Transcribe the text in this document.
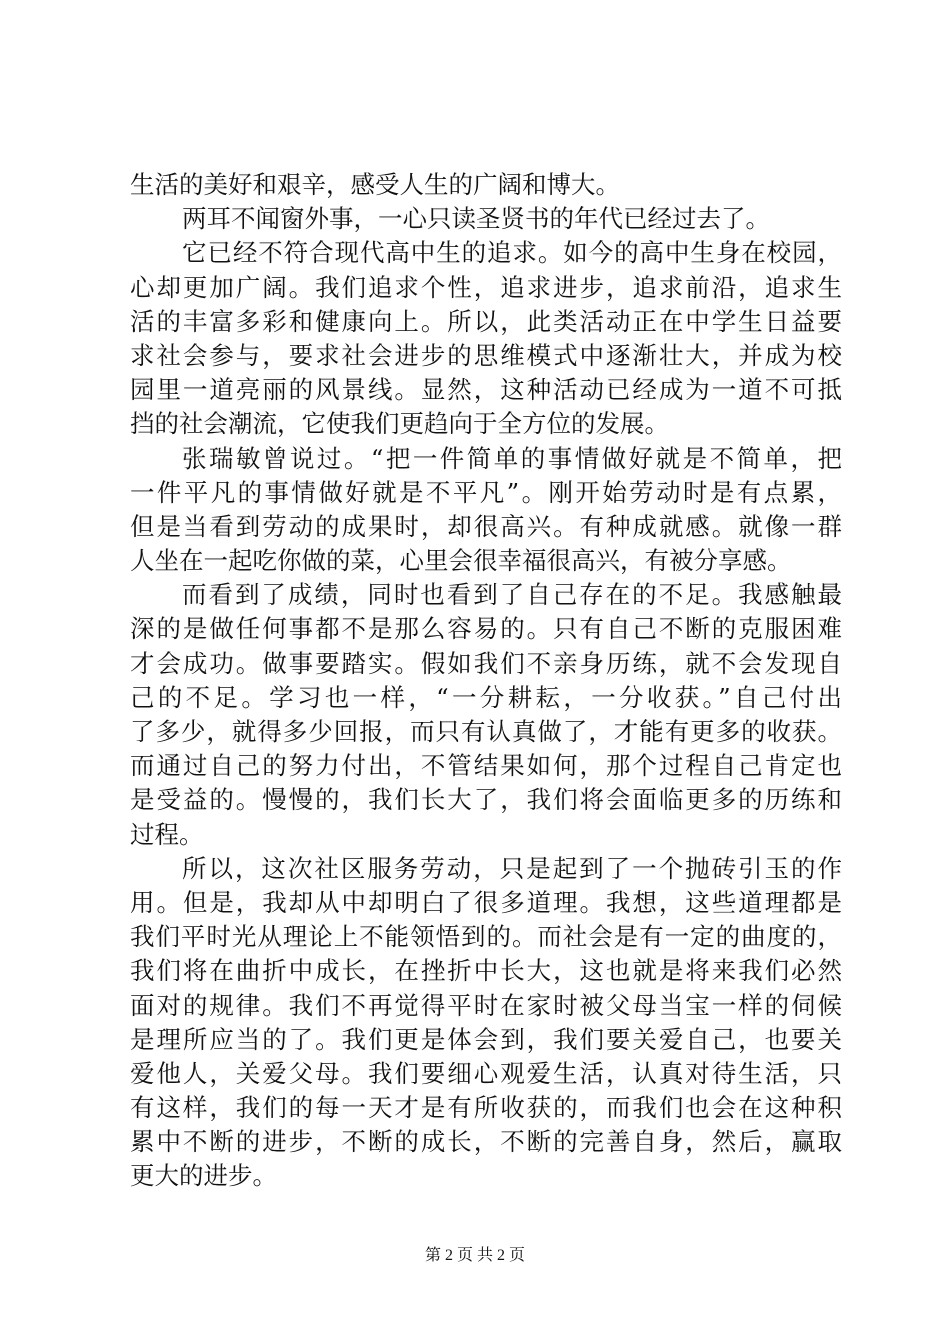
生活的美好和艰辛，感受人生的广阔和博大。
两耳不闻窗外事，一心只读圣贤书的年代已经过去了。
它已经不符合现代高中生的追求。如今的高中生身在校园，
心却更加广阔。我们追求个性，追求进步，追求前沿，追求生
活的丰富多彩和健康向上。所以，此类活动正在中学生日益要
求社会参与，要求社会进步的思维模式中逐渐壮大，并成为校
园里一道亮丽的风景线。显然，这种活动已经成为一道不可抵
挡的社会潮流，它使我们更趋向于全方位的发展。
张瑞敏曾说过。“把一件简单的事情做好就是不简单，把
一件平凡的事情做好就是不平凡”。刚开始劳动时是有点累，
但是当看到劳动的成果时，却很高兴。有种成就感。就像一群
人坐在一起吃你做的菜，心里会很幸福很高兴，有被分享感。
而看到了成绩，同时也看到了自己存在的不足。我感触最
深的是做任何事都不是那么容易的。只有自己不断的克服困难
才会成功。做事要踏实。假如我们不亲身历练，就不会发现自
己的不足。学习也一样，“一分耕耘，一分收获。”自己付出
了多少，就得多少回报，而只有认真做了，才能有更多的收获。
而通过自己的努力付出，不管结果如何，那个过程自己肯定也
是受益的。慢慢的，我们长大了，我们将会面临更多的历练和
过程。
所以，这次社区服务劳动，只是起到了一个抛砖引玉的作
用。但是，我却从中却明白了很多道理。我想，这些道理都是
我们平时光从理论上不能领悟到的。而社会是有一定的曲度的，
我们将在曲折中成长，在挫折中长大，这也就是将来我们必然
面对的规律。我们不再觉得平时在家时被父母当宝一样的伺候
是理所应当的了。我们更是体会到，我们要关爱自己，也要关
爱他人，关爱父母。我们要细心观爱生活，认真对待生活，只
有这样，我们的每一天才是有所收获的，而我们也会在这种积
累中不断的进步，不断的成长，不断的完善自身，然后，赢取
更大的进步。
第 2 页 共 2 页
